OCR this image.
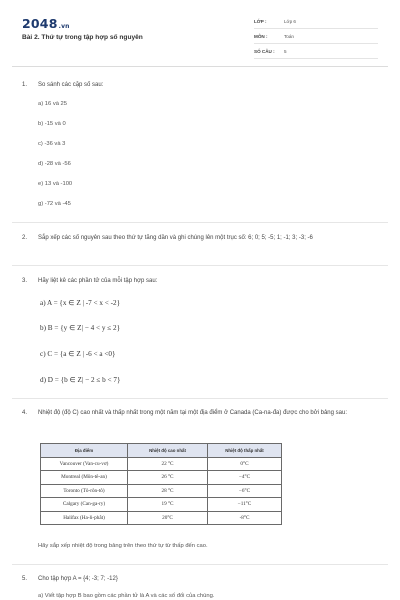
2048.vn
Bài 2. Thứ tự trong tập hợp số nguyên
LỚP :	Lớp 6
MÔN :	Toán
SỐ CÂU :	5
1. So sánh các cặp số sau:
a) 16 và 25
b) -15 và 0
c) -36 và 3
d) -28 và -56
e) 13 và -100
g) -72 và -45
2. Sắp xếp các số nguyên sau theo thứ tự tăng dần và ghi chúng lên một trục số: 6; 0; 5; -5; 1; -1; 3; -3; -6
3. Hãy liệt kê các phần tử của mỗi tập hợp sau:
a) A = {x ∈ Z | -7 < x < -2}
b) B = {y ∈ Z| − 4 < y ≤ 2}
c) C = {a ∈ Z | -6 < a <0}
d) D = {b ∈ Z| − 2 ≤ b < 7}
4. Nhiệt độ (độ C) cao nhất và thấp nhất trong một năm tại một địa điểm ở Canada (Ca-na-đa) được cho bởi bảng sau:
Địa điểm	Nhiệt độ cao nhất	Nhiệt độ thấp nhất
Vancouver (Van-cu-vơ)	22 °C	0°C
Montreal (Môn-tê-an)	26 °C	−4°C
Toronto (Tô-rôn-tô)	28 °C	−6°C
Calgary (Can-ga-ry)	19 °C	−11°C
Halifax (Ha-li-phắt)	20°C	-8°C
Hãy sắp xếp nhiệt độ trong bảng trên theo thứ tự từ thấp đến cao.
5. Cho tập hợp A = {4; -3; 7; -12}
a) Viết tập hợp B bao gồm các phần tử là A và các số đối của chúng.
